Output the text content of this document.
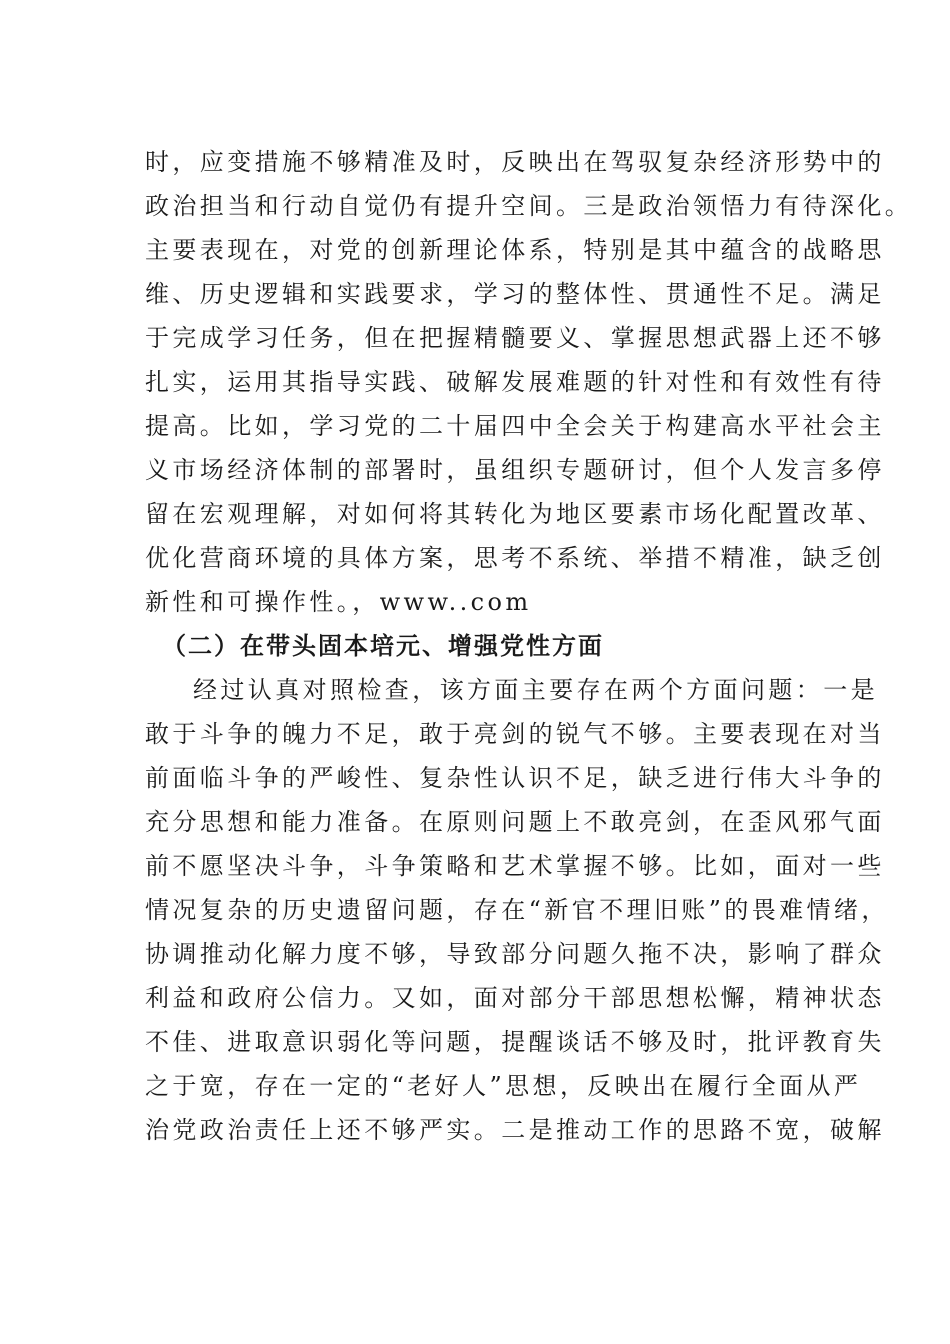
时，应变措施不够精准及时，反映出在驾驭复杂经济形势中的
政治担当和行动自觉仍有提升空间。三是政治领悟力有待深化。
主要表现在，对党的创新理论体系，特别是其中蕴含的战略思
维、历史逻辑和实践要求，学习的整体性、贯通性不足。满足
于完成学习任务，但在把握精髓要义、掌握思想武器上还不够
扎实，运用其指导实践、破解发展难题的针对性和有效性有待
提高。比如，学习党的二十届四中全会关于构建高水平社会主
义市场经济体制的部署时，虽组织专题研讨，但个人发言多停
留在宏观理解，对如何将其转化为地区要素市场化配置改革、
优化营商环境的具体方案，思考不系统、举措不精准，缺乏创
新性和可操作性。，www..com
（二）在带头固本培元、增强党性方面
经过认真对照检查，该方面主要存在两个方面问题：一是
敢于斗争的魄力不足，敢于亮剑的锐气不够。主要表现在对当
前面临斗争的严峻性、复杂性认识不足，缺乏进行伟大斗争的
充分思想和能力准备。在原则问题上不敢亮剑，在歪风邪气面
前不愿坚决斗争，斗争策略和艺术掌握不够。比如，面对一些
情况复杂的历史遗留问题，存在“新官不理旧账”的畏难情绪，
协调推动化解力度不够，导致部分问题久拖不决，影响了群众
利益和政府公信力。又如，面对部分干部思想松懈，精神状态
不佳、进取意识弱化等问题，提醒谈话不够及时，批评教育失
之于宽，存在一定的“老好人”思想，反映出在履行全面从严
治党政治责任上还不够严实。二是推动工作的思路不宽，破解
